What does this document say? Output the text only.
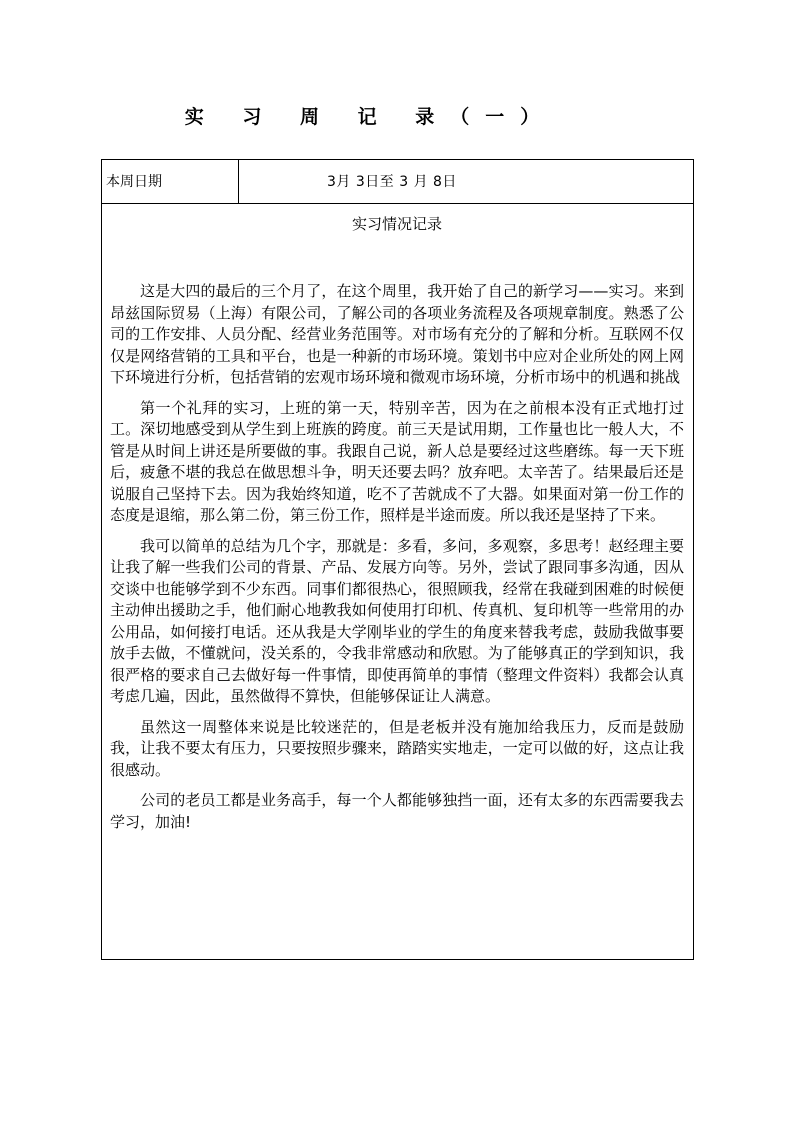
实 习 周 记 录（一）
本周日期	3月 3日至 3 月 8日
实习情况记录

这是大四的最后的三个月了，在这个周里，我开始了自己的新学习——实习。来到昂兹国际贸易（上海）有限公司，了解公司的各项业务流程及各项规章制度。熟悉了公司的工作安排、人员分配、经营业务范围等。对市场有充分的了解和分析。互联网不仅仅是网络营销的工具和平台，也是一种新的市场环境。策划书中应对企业所处的网上网下环境进行分析，包括营销的宏观市场环境和微观市场环境，分析市场中的机遇和挑战

第一个礼拜的实习，上班的第一天，特别辛苦，因为在之前根本没有正式地打过工。深切地感受到从学生到上班族的跨度。前三天是试用期，工作量也比一般人大，不管是从时间上讲还是所要做的事。我跟自己说，新人总是要经过这些磨练。每一天下班后，疲惫不堪的我总在做思想斗争，明天还要去吗？放弃吧。太辛苦了。结果最后还是说服自己坚持下去。因为我始终知道，吃不了苦就成不了大器。如果面对第一份工作的态度是退缩，那么第二份，第三份工作，照样是半途而废。所以我还是坚持了下来。

我可以简单的总结为几个字，那就是：多看，多问，多观察，多思考！赵经理主要让我了解一些我们公司的背景、产品、发展方向等。另外，尝试了跟同事多沟通，因从交谈中也能够学到不少东西。同事们都很热心，很照顾我，经常在我碰到困难的时候便主动伸出援助之手，他们耐心地教我如何使用打印机、传真机、复印机等一些常用的办公用品，如何接打电话。还从我是大学刚毕业的学生的角度来替我考虑，鼓励我做事要放手去做，不懂就问，没关系的，令我非常感动和欣慰。为了能够真正的学到知识，我很严格的要求自己去做好每一件事情，即使再简单的事情（整理文件资料）我都会认真考虑几遍，因此，虽然做得不算快，但能够保证让人满意。

虽然这一周整体来说是比较迷茫的，但是老板并没有施加给我压力，反而是鼓励我，让我不要太有压力，只要按照步骤来，踏踏实实地走，一定可以做的好，这点让我很感动。

公司的老员工都是业务高手，每一个人都能够独挡一面，还有太多的东西需要我去学习，加油!
